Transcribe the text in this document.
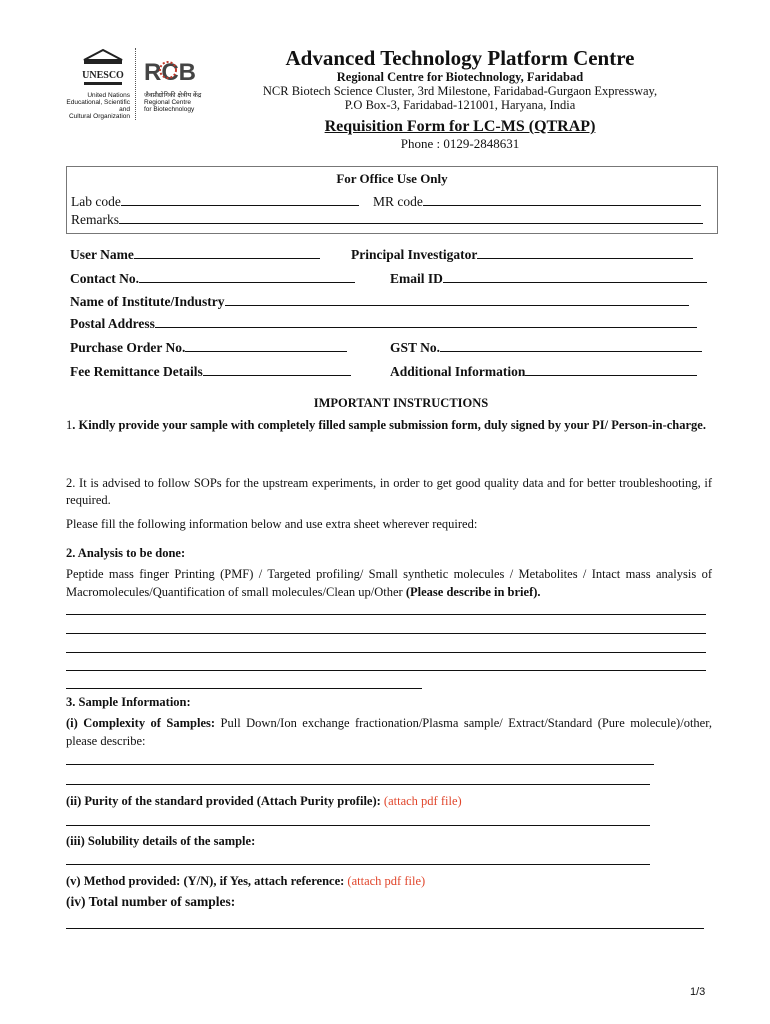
UNESCO
United Nations
Educational, Scientific and
Cultural Organization
RCB
जैवप्रौद्योगिकी क्षेत्रीय केंद्र
Regional Centre
for Biotechnology
Advanced Technology Platform Centre
Regional Centre for Biotechnology, Faridabad
NCR Biotech Science Cluster, 3rd Milestone, Faridabad-Gurgaon Expressway,
P.O Box-3, Faridabad-121001, Haryana, India
Requisition Form for LC-MS (QTRAP)
Phone : 0129-2848631
For Office Use Only
Lab code	MR code
Remarks
User Name	Principal Investigator
Contact No.	Email ID
Name of Institute/Industry
Postal Address
Purchase Order No.	GST No.
Fee Remittance Details	Additional Information
IMPORTANT INSTRUCTIONS
1. Kindly provide your sample with completely filled sample submission form, duly signed by your PI/ Person-in-charge.
2. It is advised to follow SOPs for the upstream experiments, in order to get good quality data and for better troubleshooting, if required.
Please fill the following information below and use extra sheet wherever required:
2. Analysis to be done:
Peptide mass finger Printing (PMF) / Targeted profiling/ Small synthetic molecules / Metabolites / Intact mass analysis of Macromolecules/Quantification of small molecules/Clean up/Other (Please describe in brief).
3. Sample Information:
(i) Complexity of Samples: Pull Down/Ion exchange fractionation/Plasma sample/ Extract/Standard (Pure molecule)/other, please describe:
(ii) Purity of the standard provided (Attach Purity profile): (attach pdf file)
(iii) Solubility details of the sample:
(v) Method provided: (Y/N), if Yes, attach reference: (attach pdf file)
(iv) Total number of samples:
1/3
